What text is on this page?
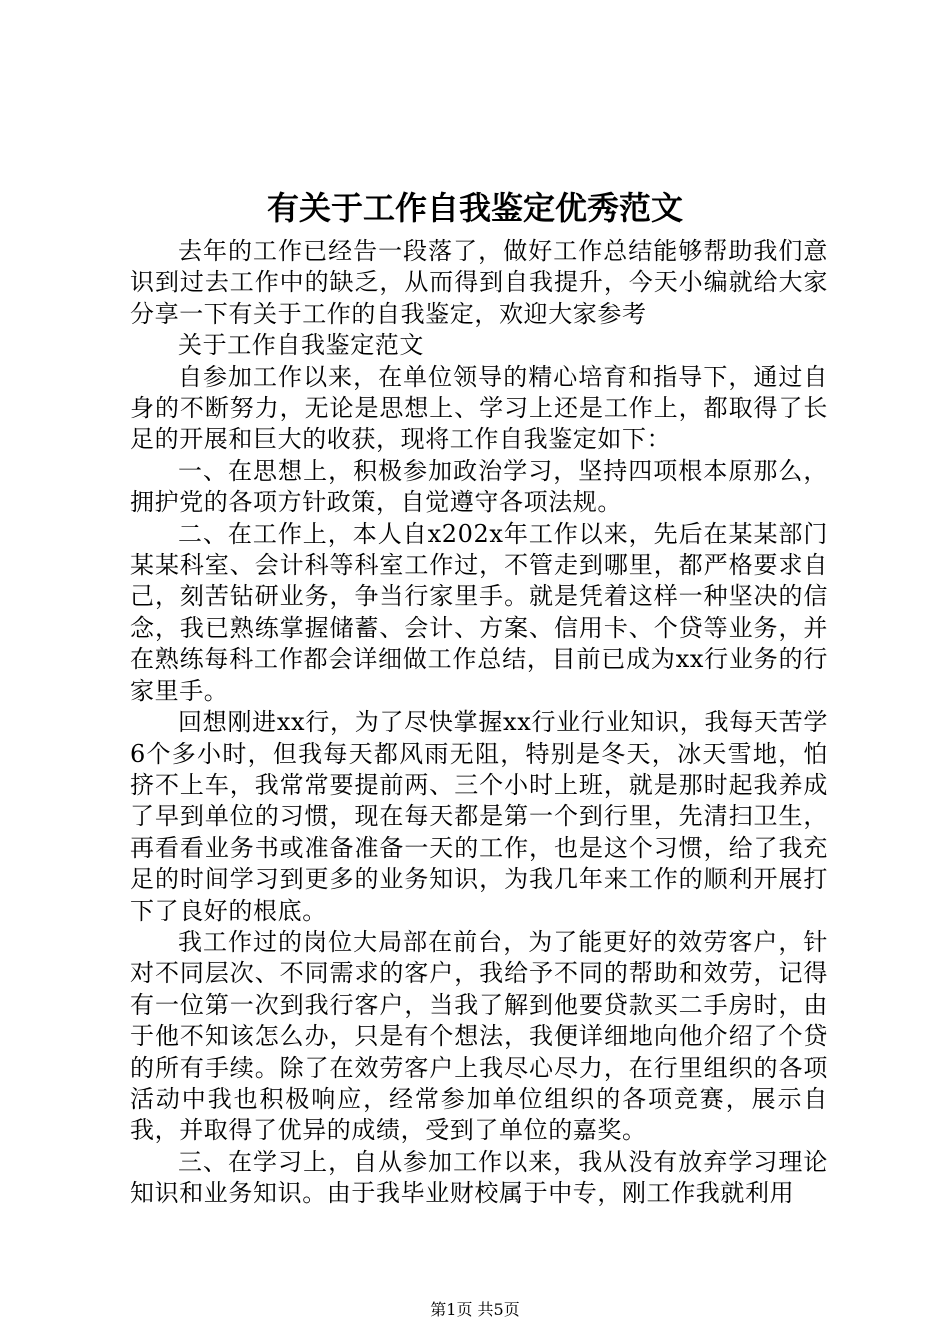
有关于工作自我鉴定优秀范文

去年的工作已经告一段落了，做好工作总结能够帮助我们意识到过去工作中的缺乏，从而得到自我提升，今天小编就给大家分享一下有关于工作的自我鉴定，欢迎大家参考

关于工作自我鉴定范文

自参加工作以来，在单位领导的精心培育和指导下，通过自身的不断努力，无论是思想上、学习上还是工作上，都取得了长足的开展和巨大的收获，现将工作自我鉴定如下：

一、在思想上，积极参加政治学习，坚持四项根本原那么，拥护党的各项方针政策，自觉遵守各项法规。

二、在工作上，本人自x202x年工作以来，先后在某某部门某某科室、会计科等科室工作过，不管走到哪里，都严格要求自己，刻苦钻研业务，争当行家里手。就是凭着这样一种坚决的信念，我已熟练掌握储蓄、会计、方案、信用卡、个贷等业务，并在熟练每科工作都会详细做工作总结，目前已成为xx行业务的行家里手。

回想刚进xx行，为了尽快掌握xx行业行业知识，我每天苦学6个多小时，但我每天都风雨无阻，特别是冬天，冰天雪地，怕挤不上车，我常常要提前两、三个小时上班，就是那时起我养成了早到单位的习惯，现在每天都是第一个到行里，先清扫卫生，再看看业务书或准备准备一天的工作，也是这个习惯，给了我充足的时间学习到更多的业务知识，为我几年来工作的顺利开展打下了良好的根底。

我工作过的岗位大局部在前台，为了能更好的效劳客户，针对不同层次、不同需求的客户，我给予不同的帮助和效劳，记得有一位第一次到我行客户，当我了解到他要贷款买二手房时，由于他不知该怎么办，只是有个想法，我便详细地向他介绍了个贷的所有手续。除了在效劳客户上我尽心尽力，在行里组织的各项活动中我也积极响应，经常参加单位组织的各项竞赛，展示自我，并取得了优异的成绩，受到了单位的嘉奖。

三、在学习上，自从参加工作以来，我从没有放弃学习理论知识和业务知识。由于我毕业财校属于中专，刚工作我就利用

第1页 共5页
